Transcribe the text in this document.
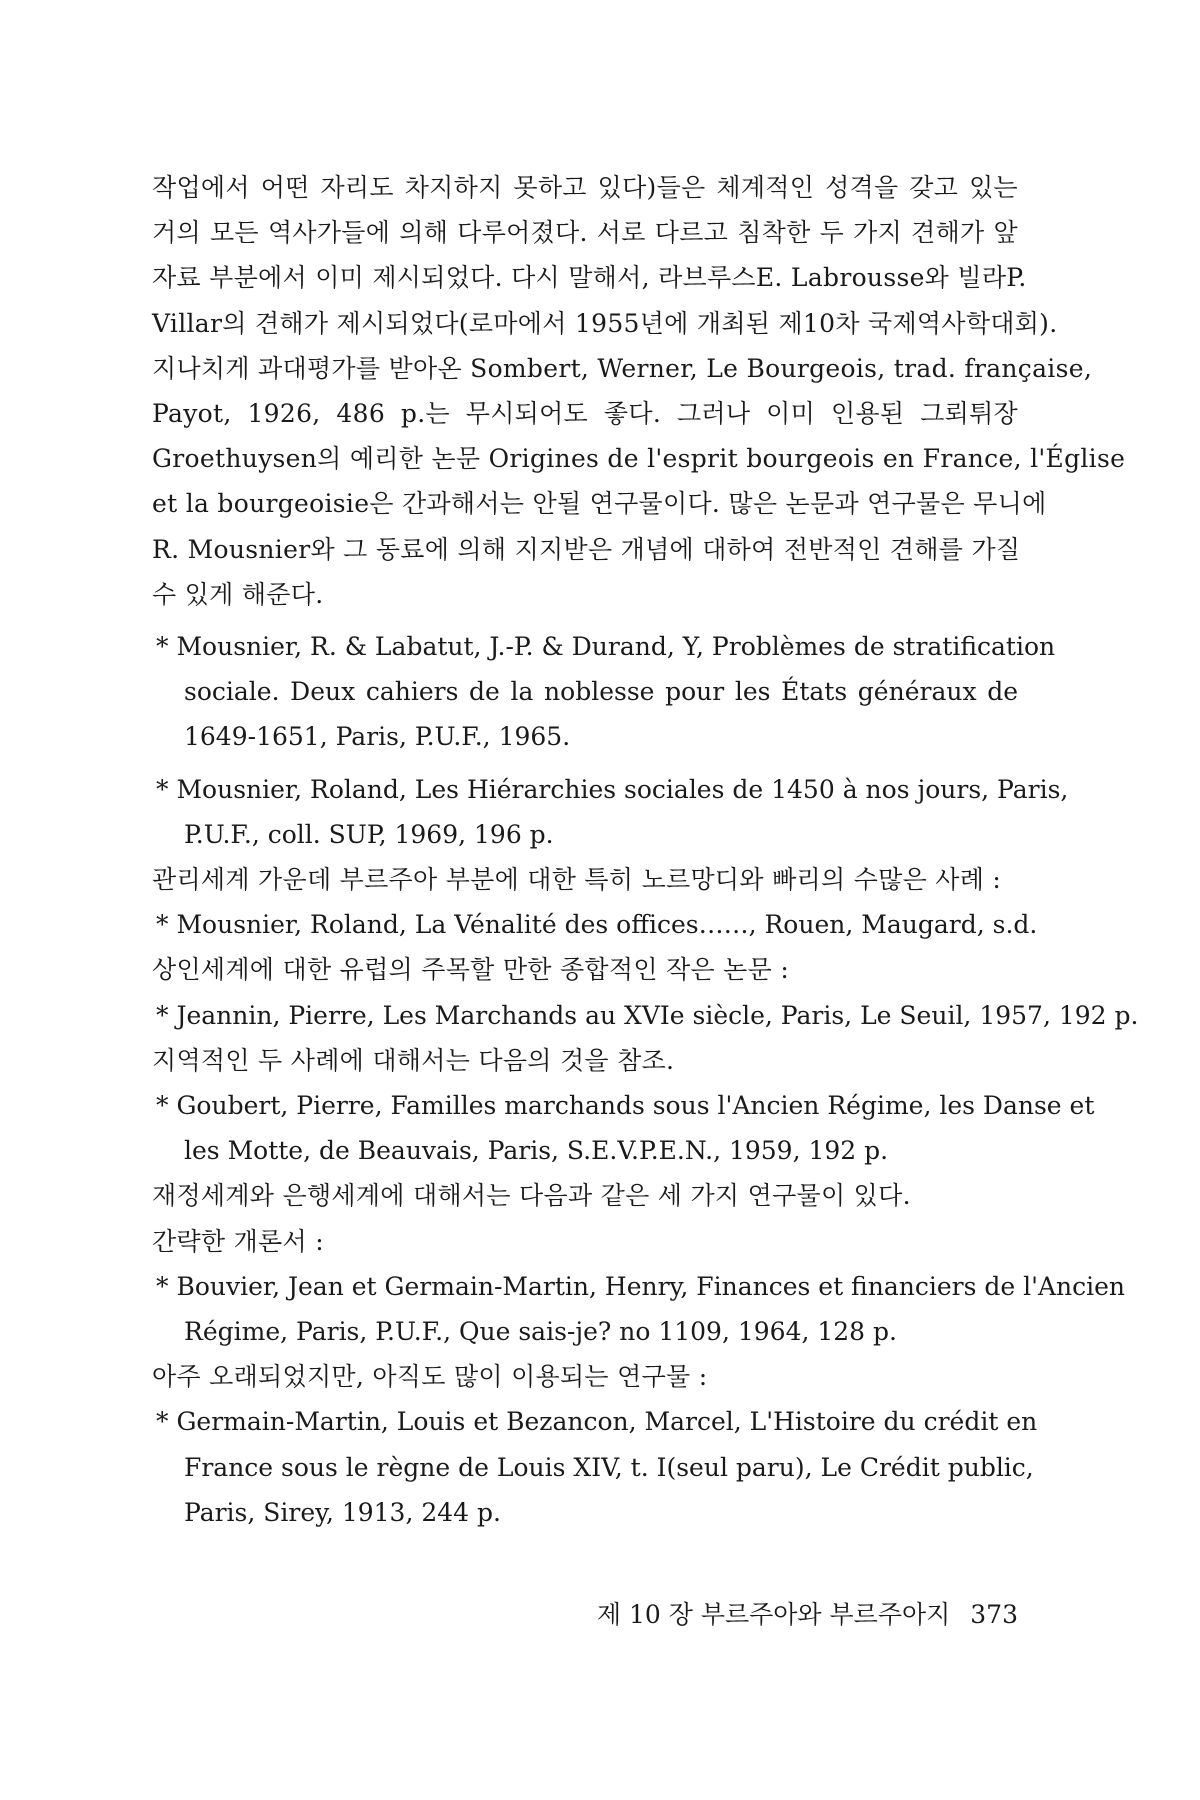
작업에서 어떤 자리도 차지하지 못하고 있다)들은 체계적인 성격을 갖고 있는
거의 모든 역사가들에 의해 다루어졌다. 서로 다르고 침착한 두 가지 견해가 앞
자료 부분에서 이미 제시되었다. 다시 말해서, 라브루스E. Labrousse와 빌라P.
Villar의 견해가 제시되었다(로마에서 1955년에 개최된 제10차 국제역사학대회).
지나치게 과대평가를 받아온 Sombert, Werner, Le Bourgeois, trad. française,
Payot, 1926, 486 p.는 무시되어도 좋다. 그러나 이미 인용된 그뢰튀장
Groethuysen의 예리한 논문 Origines de l'esprit bourgeois en France, l'Église
et la bourgeoisie은 간과해서는 안될 연구물이다. 많은 논문과 연구물은 무니에
R. Mousnier와 그 동료에 의해 지지받은 개념에 대하여 전반적인 견해를 가질
수 있게 해준다.
* Mousnier, R. & Labatut, J.-P. & Durand, Y, Problèmes de stratification
sociale. Deux cahiers de la noblesse pour les États généraux de
1649-1651, Paris, P.U.F., 1965.
* Mousnier, Roland, Les Hiérarchies sociales de 1450 à nos jours, Paris,
P.U.F., coll. SUP, 1969, 196 p.
관리세계 가운데 부르주아 부분에 대한 특히 노르망디와 빠리의 수많은 사례 :
* Mousnier, Roland, La Vénalité des offices……, Rouen, Maugard, s.d.
상인세계에 대한 유럽의 주목할 만한 종합적인 작은 논문 :
* Jeannin, Pierre, Les Marchands au XVIe siècle, Paris, Le Seuil, 1957, 192 p.
지역적인 두 사례에 대해서는 다음의 것을 참조.
* Goubert, Pierre, Familles marchands sous l'Ancien Régime, les Danse et
les Motte, de Beauvais, Paris, S.E.V.P.E.N., 1959, 192 p.
재정세계와 은행세계에 대해서는 다음과 같은 세 가지 연구물이 있다.
간략한 개론서 :
* Bouvier, Jean et Germain-Martin, Henry, Finances et financiers de l'Ancien
Régime, Paris, P.U.F., Que sais-je? no 1109, 1964, 128 p.
아주 오래되었지만, 아직도 많이 이용되는 연구물 :
* Germain-Martin, Louis et Bezancon, Marcel, L'Histoire du crédit en
France sous le règne de Louis XIV, t. I(seul paru), Le Crédit public,
Paris, Sirey, 1913, 244 p.
제 10 장 부르주아와 부르주아지 373
